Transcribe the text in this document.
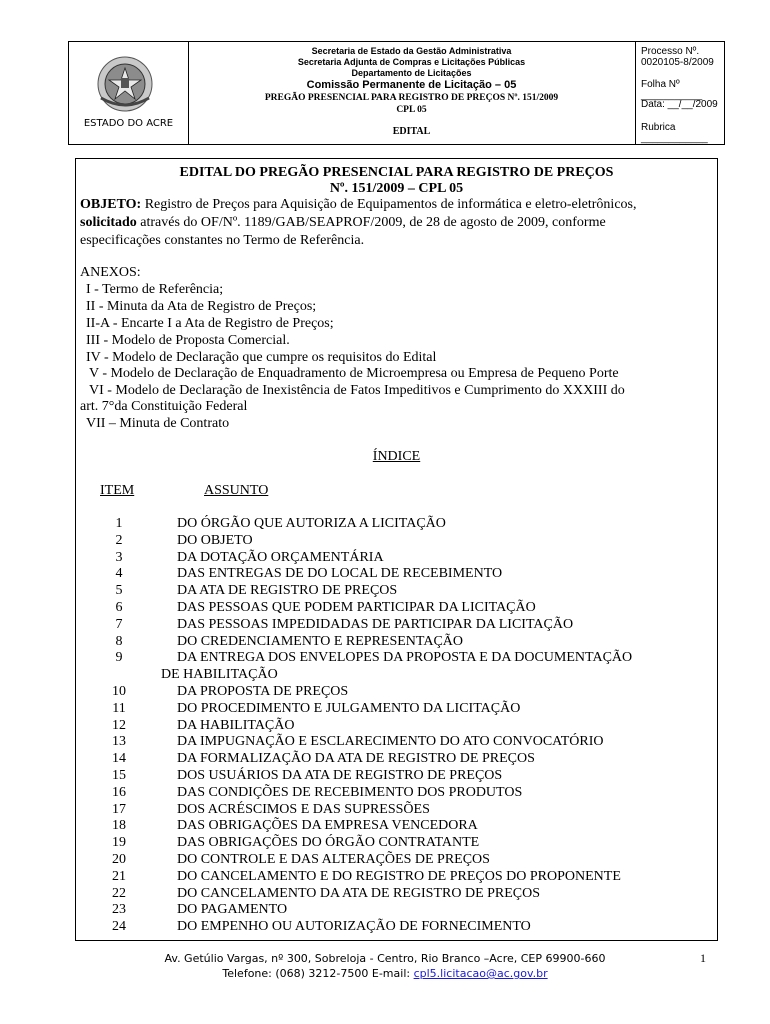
ESTADO DO ACRE
Secretaria de Estado da Gestão Administrativa
Secretaria Adjunta de Compras e Licitações Públicas
Departamento de Licitações
Comissão Permanente de Licitação – 05
PREGÃO PRESENCIAL PARA REGISTRO DE PREÇOS Nº. 151/2009
CPL 05
EDITAL
Processo Nº. 0020105-8/2009
Folha Nº ___________
Data: __/__/2009
Rubrica ____________
EDITAL DO PREGÃO PRESENCIAL PARA REGISTRO DE PREÇOS
Nº. 151/2009 – CPL 05
OBJETO: Registro de Preços para Aquisição de Equipamentos de informática e eletro-eletrônicos,
solicitado através do OF/Nº. 1189/GAB/SEAPROF/2009, de 28 de agosto de 2009, conforme
especificações constantes no Termo de Referência.
ANEXOS:
I - Termo de Referência;
II - Minuta da Ata de Registro de Preços;
II-A - Encarte I a Ata de Registro de Preços;
III - Modelo de Proposta Comercial.
IV - Modelo de Declaração que cumpre os requisitos do Edital
V - Modelo de Declaração de Enquadramento de Microempresa ou Empresa de Pequeno Porte
VI - Modelo de Declaração de Inexistência de Fatos Impeditivos e Cumprimento do XXXIII do
art. 7°da Constituição Federal
VII – Minuta de Contrato
ÍNDICE
ITEM	ASSUNTO
1	DO ÓRGÃO QUE AUTORIZA A LICITAÇÃO
2	DO OBJETO
3	DA DOTAÇÃO ORÇAMENTÁRIA
4	DAS ENTREGAS DE DO LOCAL DE RECEBIMENTO
5	DA ATA DE REGISTRO DE PREÇOS
6	DAS PESSOAS QUE PODEM PARTICIPAR DA LICITAÇÃO
7	DAS PESSOAS IMPEDIDADAS DE PARTICIPAR DA LICITAÇÃO
8	DO CREDENCIAMENTO E REPRESENTAÇÃO
9	DA ENTREGA DOS ENVELOPES DA PROPOSTA E DA DOCUMENTAÇÃO
DE HABILITAÇÃO
10	DA PROPOSTA DE PREÇOS
11	DO PROCEDIMENTO E JULGAMENTO DA LICITAÇÃO
12	DA HABILITAÇÃO
13	DA IMPUGNAÇÃO E ESCLARECIMENTO DO ATO CONVOCATÓRIO
14	DA FORMALIZAÇÃO DA ATA DE REGISTRO DE PREÇOS
15	DOS USUÁRIOS DA ATA DE REGISTRO DE PREÇOS
16	DAS CONDIÇÕES DE RECEBIMENTO DOS PRODUTOS
17	DOS ACRÉSCIMOS E DAS SUPRESSÕES
18	DAS OBRIGAÇÕES DA EMPRESA VENCEDORA
19	DAS OBRIGAÇÕES DO ÓRGÃO CONTRATANTE
20	DO CONTROLE E DAS ALTERAÇÕES DE PREÇOS
21	DO CANCELAMENTO E DO REGISTRO DE PREÇOS DO PROPONENTE
22	DO CANCELAMENTO DA ATA DE REGISTRO DE PREÇOS
23	DO PAGAMENTO
24	DO EMPENHO OU AUTORIZAÇÃO DE FORNECIMENTO
Av. Getúlio Vargas, nº 300, Sobreloja - Centro, Rio Branco –Acre, CEP 69900-660
Telefone: (068) 3212-7500 E-mail: cpl5.licitacao@ac.gov.br
1
